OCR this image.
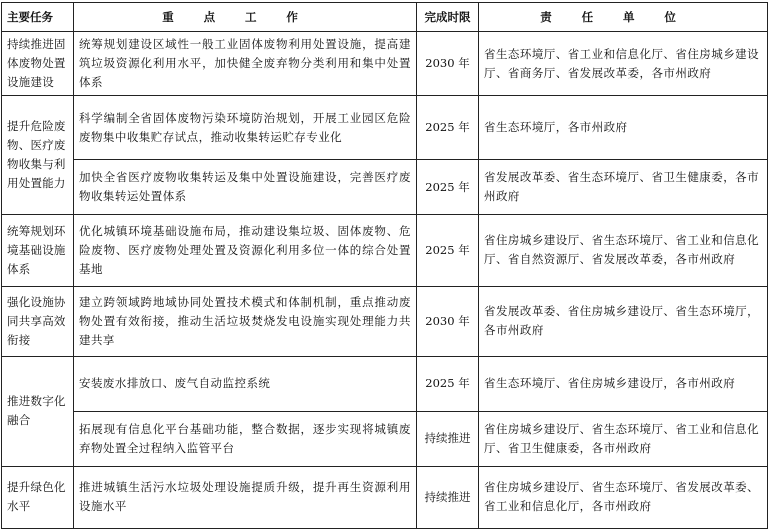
主要任务	重点工作	完成时限	责任单位
持续推进固体废物处置设施建设	统筹规划建设区域性一般工业固体废物利用处置设施，提高建筑垃圾资源化利用水平，加快健全废弃物分类利用和集中处置体系	2030 年	省生态环境厅、省工业和信息化厅、省住房城乡建设厅、省商务厅、省发展改革委，各市州政府
提升危险废物、医疗废物收集与利用处置能力	科学编制全省固体废物污染环境防治规划，开展工业园区危险废物集中收集贮存试点，推动收集转运贮存专业化	2025 年	省生态环境厅，各市州政府
	加快全省医疗废物收集转运及集中处置设施建设，完善医疗废物收集转运处置体系	2025 年	省发展改革委、省生态环境厅、省卫生健康委，各市州政府
统筹规划环境基础设施体系	优化城镇环境基础设施布局，推动建设集垃圾、固体废物、危险废物、医疗废物处理处置及资源化利用多位一体的综合处置基地	2025 年	省住房城乡建设厅、省生态环境厅、省工业和信息化厅、省自然资源厅、省发展改革委，各市州政府
强化设施协同共享高效衔接	建立跨领域跨地域协同处置技术模式和体制机制，重点推动废物处置有效衔接，推动生活垃圾焚烧发电设施实现处理能力共建共享	2030 年	省发展改革委、省住房城乡建设厅、省生态环境厅，各市州政府
推进数字化融合	安装废水排放口、废气自动监控系统	2025 年	省生态环境厅、省住房城乡建设厅，各市州政府
	拓展现有信息化平台基础功能，整合数据，逐步实现将城镇废弃物处置全过程纳入监管平台	持续推进	省住房城乡建设厅、省生态环境厅、省工业和信息化厅、省卫生健康委，各市州政府
提升绿色化水平	推进城镇生活污水垃圾处理设施提质升级，提升再生资源利用设施水平	持续推进	省住房城乡建设厅、省生态环境厅、省发展改革委、省工业和信息化厅，各市州政府
